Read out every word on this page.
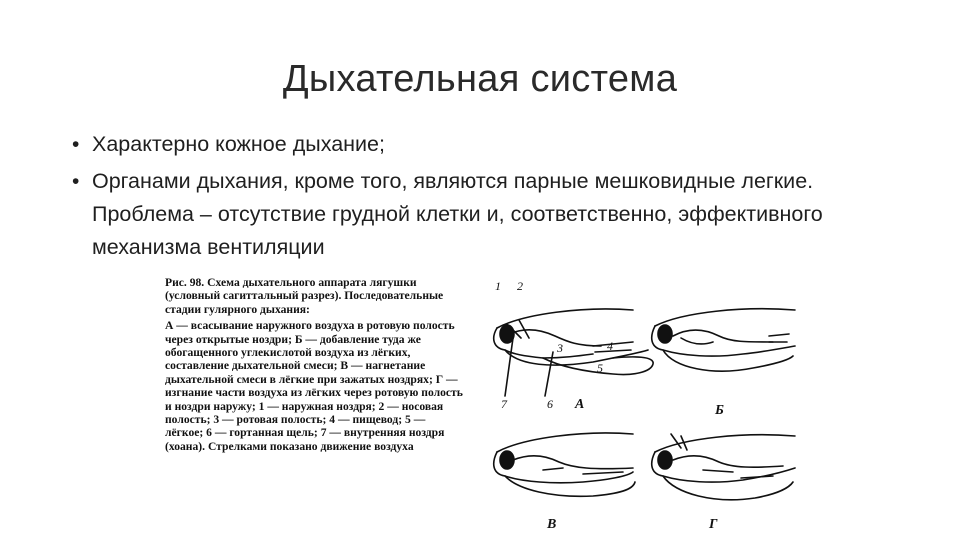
Дыхательная система
• Характерно кожное дыхание;
• Органами дыхания, кроме того, являются парные мешковидные легкие. Проблема – отсутствие грудной клетки и, соответственно, эффективного механизма вентиляции

Рис. 98. Схема дыхательного аппарата лягушки (условный сагиттальный разрез). Последовательные стадии гулярного дыхания:

А — всасывание наружного воздуха в ротовую полость через открытые ноздри; Б — добавление туда же обогащенного углекислотой воздуха из лёгких, составление дыхательной смеси; В — нагнетание дыхательной смеси в лёгкие при зажатых ноздрях; Г — изгнание части воздуха из лёгких через ротовую полость и ноздри наружу; 1 — наружная ноздря; 2 — носовая полость; 3 — ротовая полость; 4 — пищевод; 5 — лёгкое; 6 — гортанная щель; 7 — внутренняя ноздря (хоана). Стрелками показано движение воздуха

1 2
3	4
5
6
7	А	Б
В	Г
